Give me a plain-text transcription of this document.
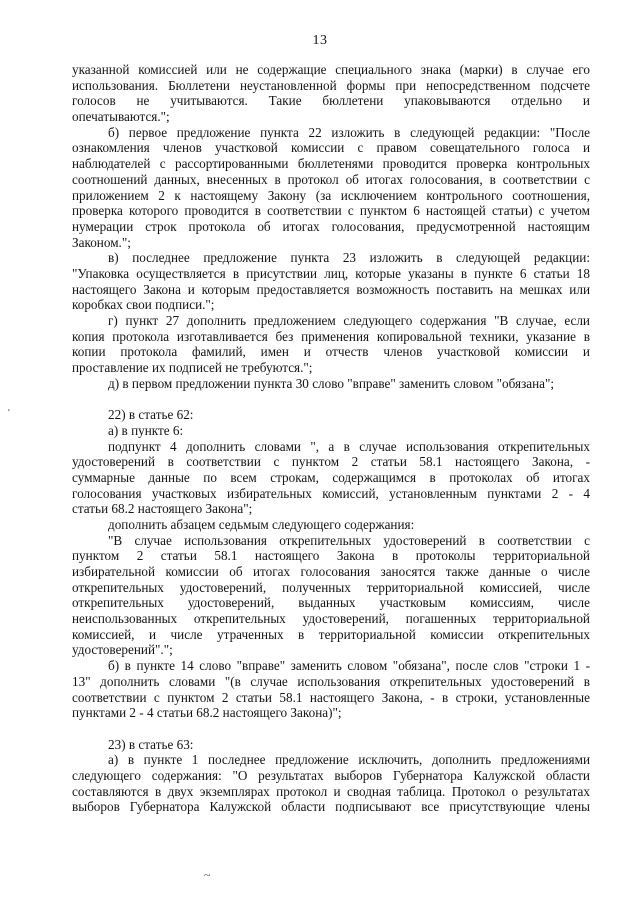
13
указанной комиссией или не содержащие специального знака (марки) в случае его
использования. Бюллетени неустановленной формы при непосредственном подсчете
голосов не учитываются. Такие бюллетени упаковываются отдельно и
опечатываются.";
б) первое предложение пункта 22 изложить в следующей редакции: "После
ознакомления членов участковой комиссии с правом совещательного голоса и
наблюдателей с рассортированными бюллетенями проводится проверка контрольных
соотношений данных, внесенных в протокол об итогах голосования, в соответствии с
приложением 2 к настоящему Закону (за исключением контрольного соотношения,
проверка которого проводится в соответствии с пунктом 6 настоящей статьи) с учетом
нумерации строк протокола об итогах голосования, предусмотренной настоящим
Законом.";
в) последнее предложение пункта 23 изложить в следующей редакции:
"Упаковка осуществляется в присутствии лиц, которые указаны в пункте 6 статьи 18
настоящего Закона и которым предоставляется возможность поставить на мешках или
коробках свои подписи.";
г) пункт 27 дополнить предложением следующего содержания "В случае, если
копия протокола изготавливается без применения копировальной техники, указание в
копии протокола фамилий, имен и отчеств членов участковой комиссии и
проставление их подписей не требуются.";
д) в первом предложении пункта 30 слово "вправе" заменить словом "обязана";
22) в статье 62:
а) в пункте 6:
подпункт 4 дополнить словами ", а в случае использования открепительных
удостоверений в соответствии с пунктом 2 статьи 58.1 настоящего Закона, -
суммарные данные по всем строкам, содержащимся в протоколах об итогах
голосования участковых избирательных комиссий, установленным пунктами 2 - 4
статьи 68.2 настоящего Закона";
дополнить абзацем седьмым следующего содержания:
"В случае использования открепительных удостоверений в соответствии с
пунктом 2 статьи 58.1 настоящего Закона в протоколы территориальной
избирательной комиссии об итогах голосования заносятся также данные о числе
открепительных удостоверений, полученных территориальной комиссией, числе
открепительных удостоверений, выданных участковым комиссиям, числе
неиспользованных открепительных удостоверений, погашенных территориальной
комиссией, и числе утраченных в территориальной комиссии открепительных
удостоверений".";
б) в пункте 14 слово "вправе" заменить словом "обязана", после слов "строки 1 -
13" дополнить словами "(в случае использования открепительных удостоверений в
соответствии с пунктом 2 статьи 58.1 настоящего Закона, - в строки, установленные
пунктами 2 - 4 статьи 68.2 настоящего Закона)";
23) в статье 63:
а) в пункте 1 последнее предложение исключить, дополнить предложениями
следующего содержания: "О результатах выборов Губернатора Калужской области
составляются в двух экземплярах протокол и сводная таблица. Протокол о результатах
выборов Губернатора Калужской области подписывают все присутствующие члены
'
~
